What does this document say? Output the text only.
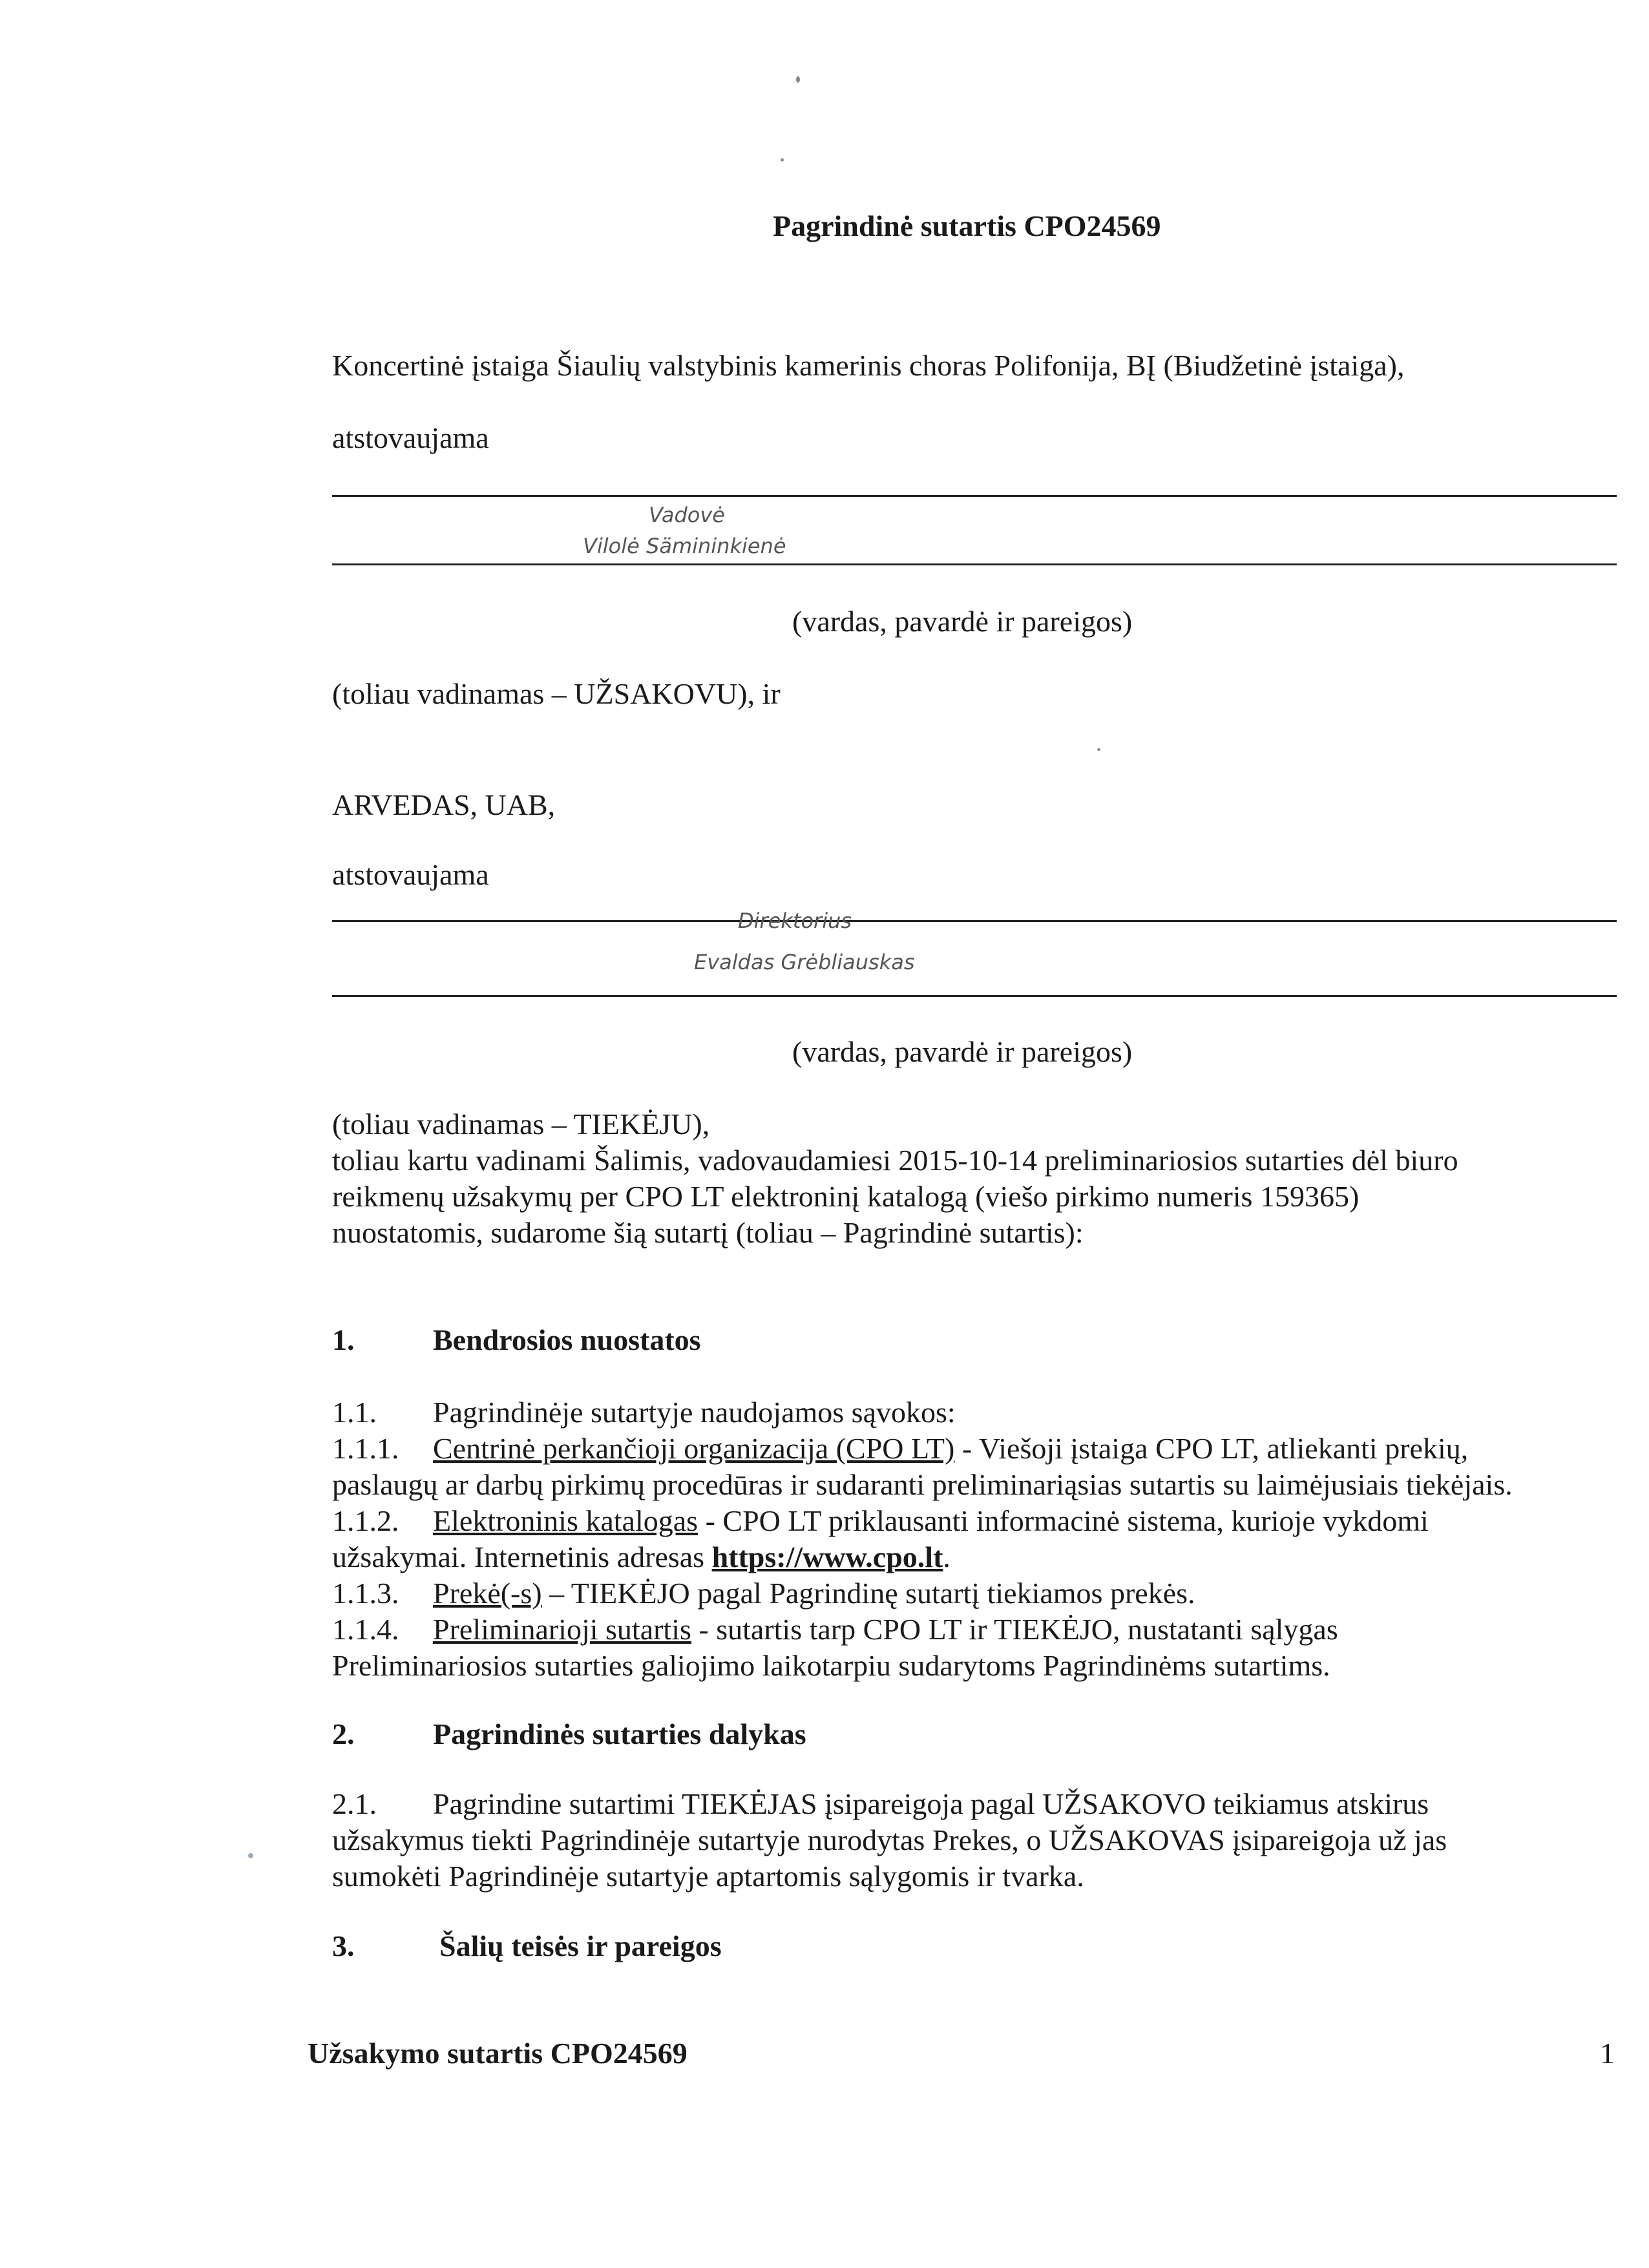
Pagrindinė sutartis CPO24569
Koncertinė įstaiga Šiaulių valstybinis kamerinis choras Polifonija, BĮ (Biudžetinė įstaiga),
atstovaujama
Vadovė
Vilolė Sämininkienė
(vardas, pavardė ir pareigos)
(toliau vadinamas – UŽSAKOVU), ir
ARVEDAS, UAB,
atstovaujama
Direktorius
Evaldas Grėbliauskas
(vardas, pavardė ir pareigos)
(toliau vadinamas – TIEKĖJU),
toliau kartu vadinami Šalimis, vadovaudamiesi 2015-10-14 preliminariosios sutarties dėl biuro
reikmenų užsakymų per CPO LT elektroninį katalogą (viešo pirkimo numeris 159365)
nuostatomis, sudarome šią sutartį (toliau – Pagrindinė sutartis):
1.	Bendrosios nuostatos
1.1. Pagrindinėje sutartyje naudojamos sąvokos:
1.1.1. Centrinė perkančioji organizacija (CPO LT) - Viešoji įstaiga CPO LT, atliekanti prekių,
paslaugų ar darbų pirkimų procedūras ir sudaranti preliminariąsias sutartis su laimėjusiais tiekėjais.
1.1.2. Elektroninis katalogas - CPO LT priklausanti informacinė sistema, kurioje vykdomi
užsakymai. Internetinis adresas https://www.cpo.lt.
1.1.3. Prekė(-s) – TIEKĖJO pagal Pagrindinę sutartį tiekiamos prekės.
1.1.4. Preliminarioji sutartis - sutartis tarp CPO LT ir TIEKĖJO, nustatanti sąlygas
Preliminariosios sutarties galiojimo laikotarpiu sudarytoms Pagrindinėms sutartims.
2.	Pagrindinės sutarties dalykas
2.1. Pagrindine sutartimi TIEKĖJAS įsipareigoja pagal UŽSAKOVO teikiamus atskirus
užsakymus tiekti Pagrindinėje sutartyje nurodytas Prekes, o UŽSAKOVAS įsipareigoja už jas
sumokėti Pagrindinėje sutartyje aptartomis sąlygomis ir tvarka.
3.	Šalių teisės ir pareigos
Užsakymo sutartis CPO24569	1
